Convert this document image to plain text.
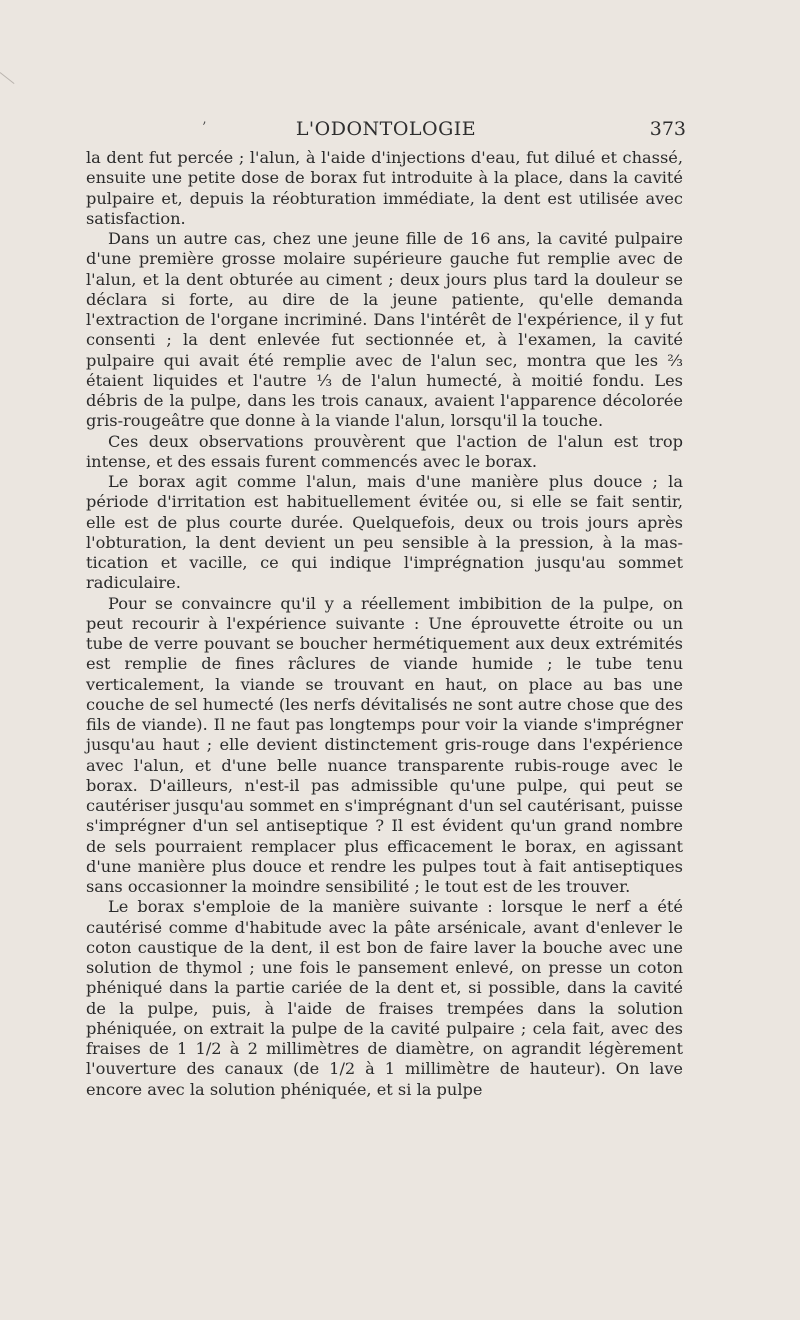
’	L'ODONTOLOGIE	373

la dent fut percée ; l'alun, à l'aide d'injections d'eau, fut dilué et chassé, ensuite une petite dose de borax fut introduite à la place, dans la cavité pulpaire et, depuis la réobturation immédiate, la dent est utilisée avec satisfaction.

Dans un autre cas, chez une jeune fille de 16 ans, la cavité pulpaire d'une première grosse molaire supérieure gauche fut remplie avec de l'alun, et la dent obturée au ciment ; deux jours plus tard la douleur se déclara si forte, au dire de la jeune patiente, qu'elle demanda l'extraction de l'organe incriminé. Dans l'intérêt de l'expérience, il y fut consenti ; la dent enlevée fut sectionnée et, à l'examen, la cavité pulpaire qui avait été remplie avec de l'alun sec, montra que les ⅔ étaient liquides et l'autre ⅓ de l'alun humecté, à moitié fondu. Les débris de la pulpe, dans les trois canaux, avaient l'apparence décolorée gris-rougeâtre que donne à la viande l'alun, lorsqu'il la touche.

Ces deux observations prouvèrent que l'action de l'alun est trop intense, et des essais furent commencés avec le borax.

Le borax agit comme l'alun, mais d'une manière plus douce ; la période d'irritation est habituellement évitée ou, si elle se fait sentir, elle est de plus courte durée. Quelquefois, deux ou trois jours après l'obturation, la dent devient un peu sensible à la pression, à la mastication et vacille, ce qui indique l'imprégnation jusqu'au sommet radiculaire.

Pour se convaincre qu'il y a réellement imbibition de la pulpe, on peut recourir à l'expérience suivante : Une éprouvette étroite ou un tube de verre pouvant se boucher hermétiquement aux deux extrémités est remplie de fines râclures de viande humide ; le tube tenu verticalement, la viande se trouvant en haut, on place au bas une couche de sel humecté (les nerfs dévitalisés ne sont autre chose que des fils de viande). Il ne faut pas longtemps pour voir la viande s'imprégner jusqu'au haut ; elle devient distinctement gris-rouge dans l'expérience avec l'alun, et d'une belle nuance transparente rubis-rouge avec le borax. D'ailleurs, n'est-il pas admissible qu'une pulpe, qui peut se cautériser jusqu'au sommet en s'imprégnant d'un sel cautérisant, puisse s'imprégner d'un sel antiseptique ? Il est évident qu'un grand nombre de sels pourraient remplacer plus efficacement le borax, en agissant d'une manière plus douce et rendre les pulpes tout à fait antiseptiques sans occasionner la moindre sensibilité ; le tout est de les trouver.

Le borax s'emploie de la manière suivante : lorsque le nerf a été cautérisé comme d'habitude avec la pâte arsénicale, avant d'enlever le coton caustique de la dent, il est bon de faire laver la bouche avec une solution de thymol ; une fois le pansement enlevé, on presse un coton phéniqué dans la partie cariée de la dent et, si possible, dans la cavité de la pulpe, puis, à l'aide de fraises trempées dans la solution phéniquée, on extrait la pulpe de la cavité pulpaire ; cela fait, avec des fraises de 1 1/2 à 2 millimètres de diamètre, on agrandit légèrement l'ouverture des canaux (de 1/2 à 1 millimètre de hauteur). On lave encore avec la solution phéniquée, et si la pulpe
